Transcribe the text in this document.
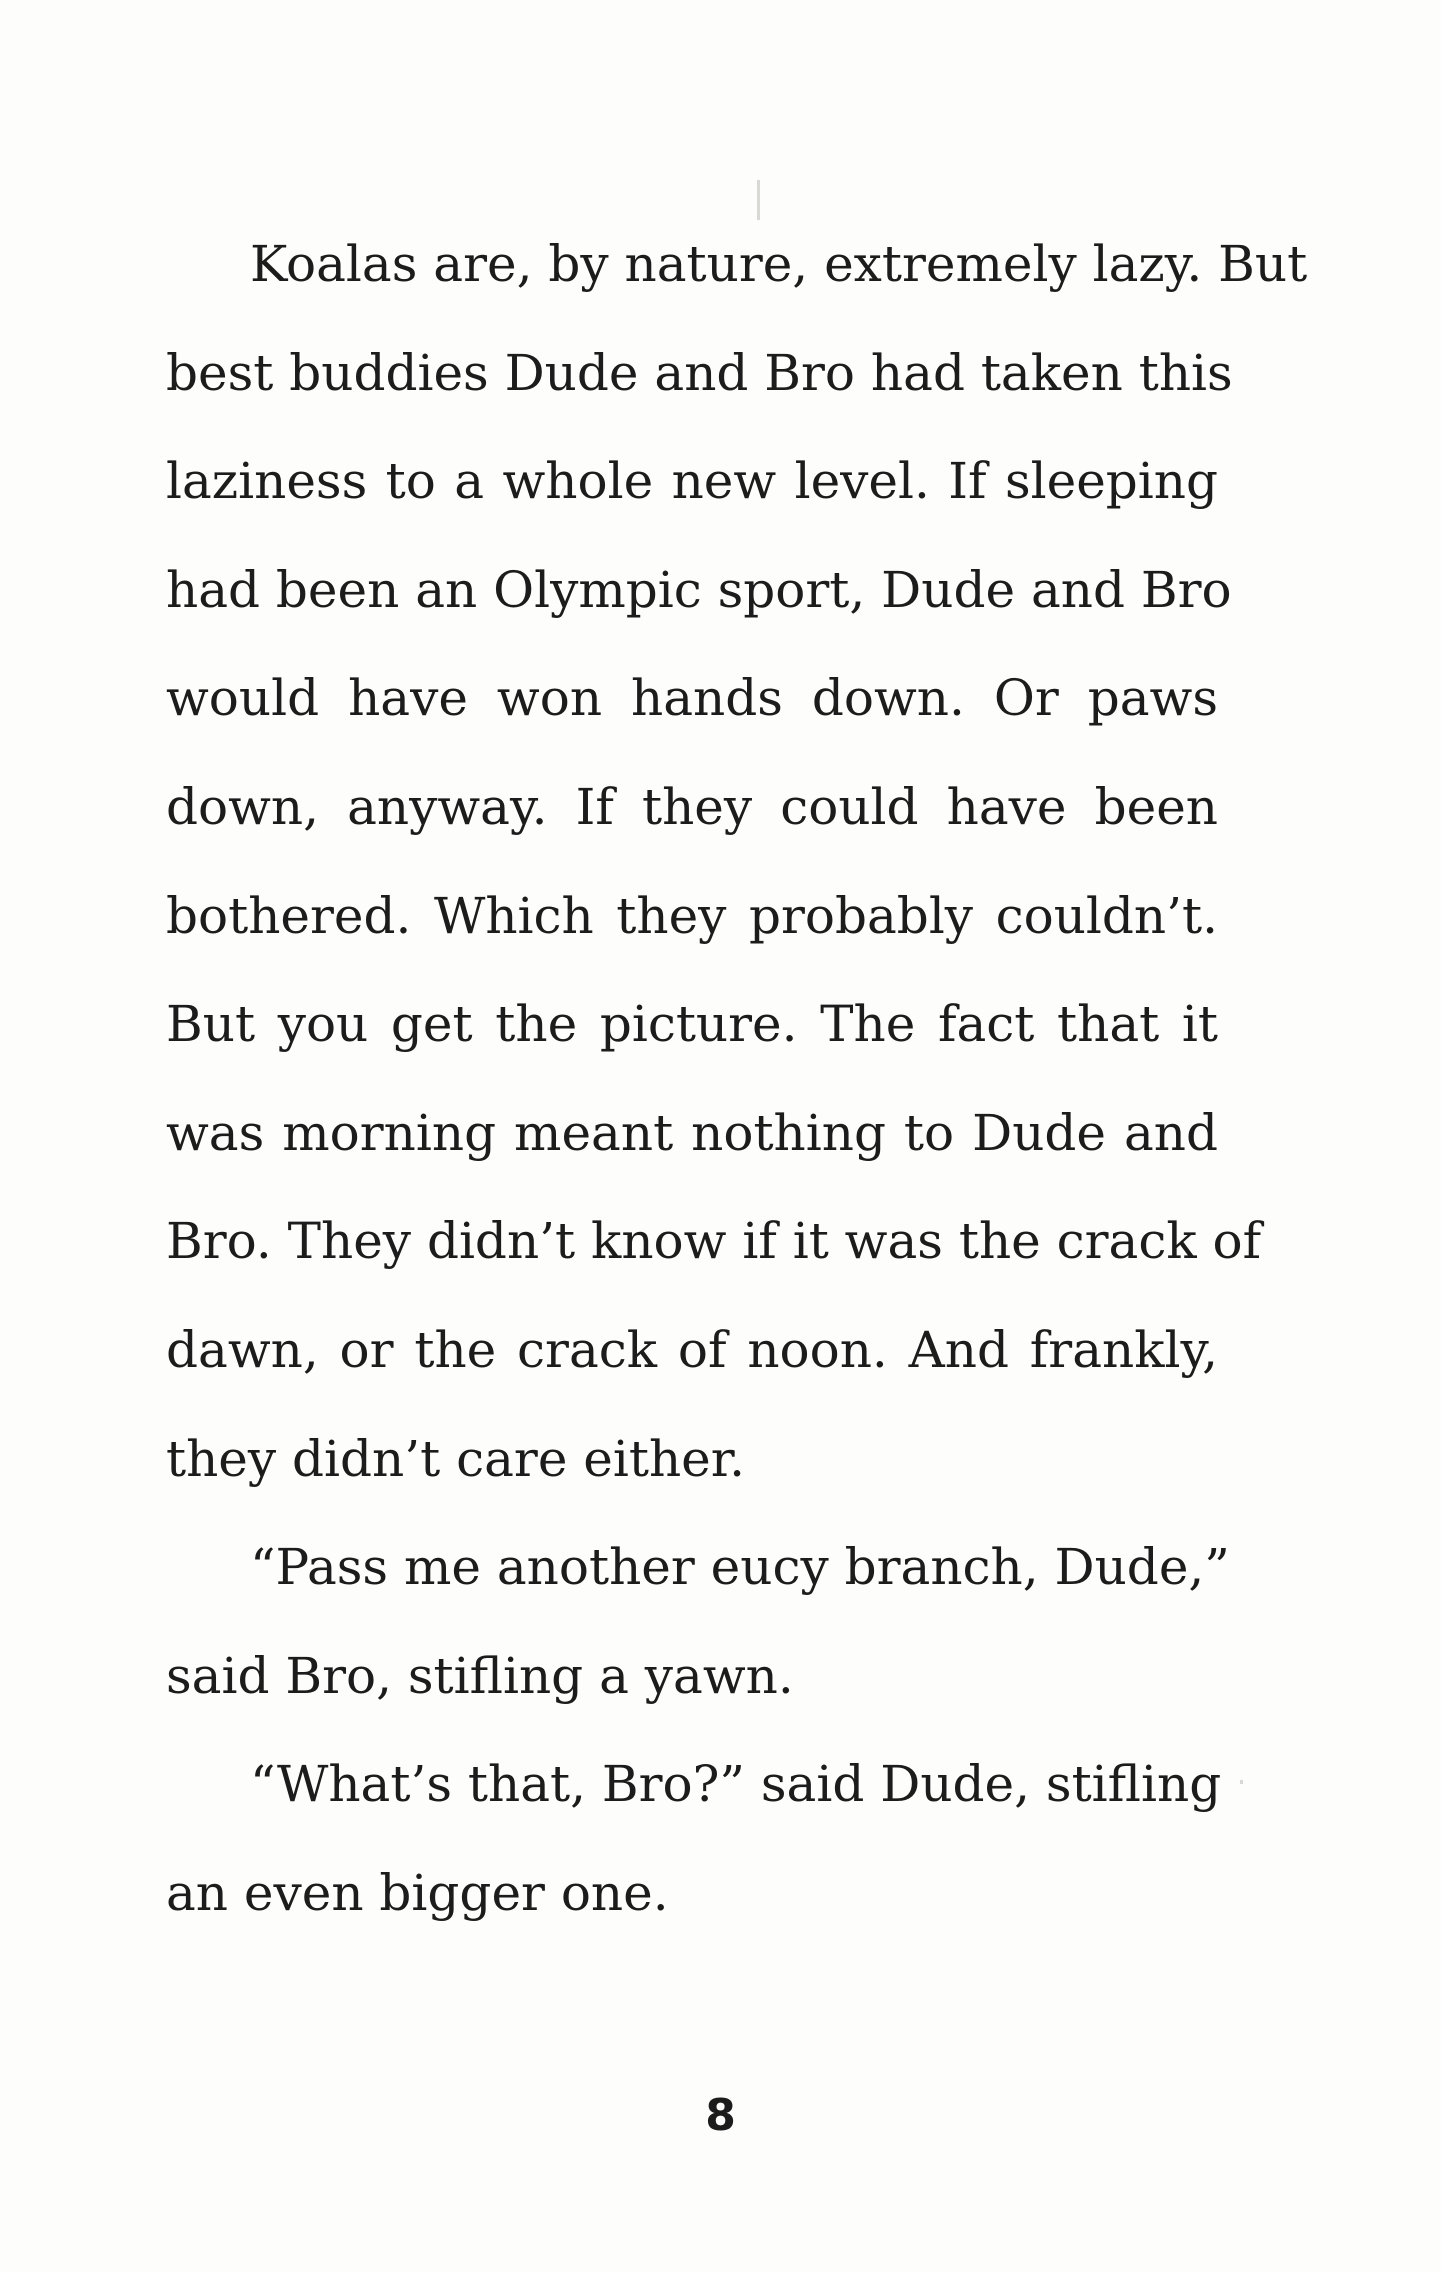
Koalas are, by nature, extremely lazy. But
best buddies Dude and Bro had taken this
laziness to a whole new level. If sleeping
had been an Olympic sport, Dude and Bro
would have won hands down. Or paws
down, anyway. If they could have been
bothered. Which they probably couldn’t.
But you get the picture. The fact that it
was morning meant nothing to Dude and
Bro. They didn’t know if it was the crack of
dawn, or the crack of noon. And frankly,
they didn’t care either.

“Pass me another eucy branch, Dude,”
said Bro, stifling a yawn.

“What’s that, Bro?” said Dude, stifling
an even bigger one.

8
